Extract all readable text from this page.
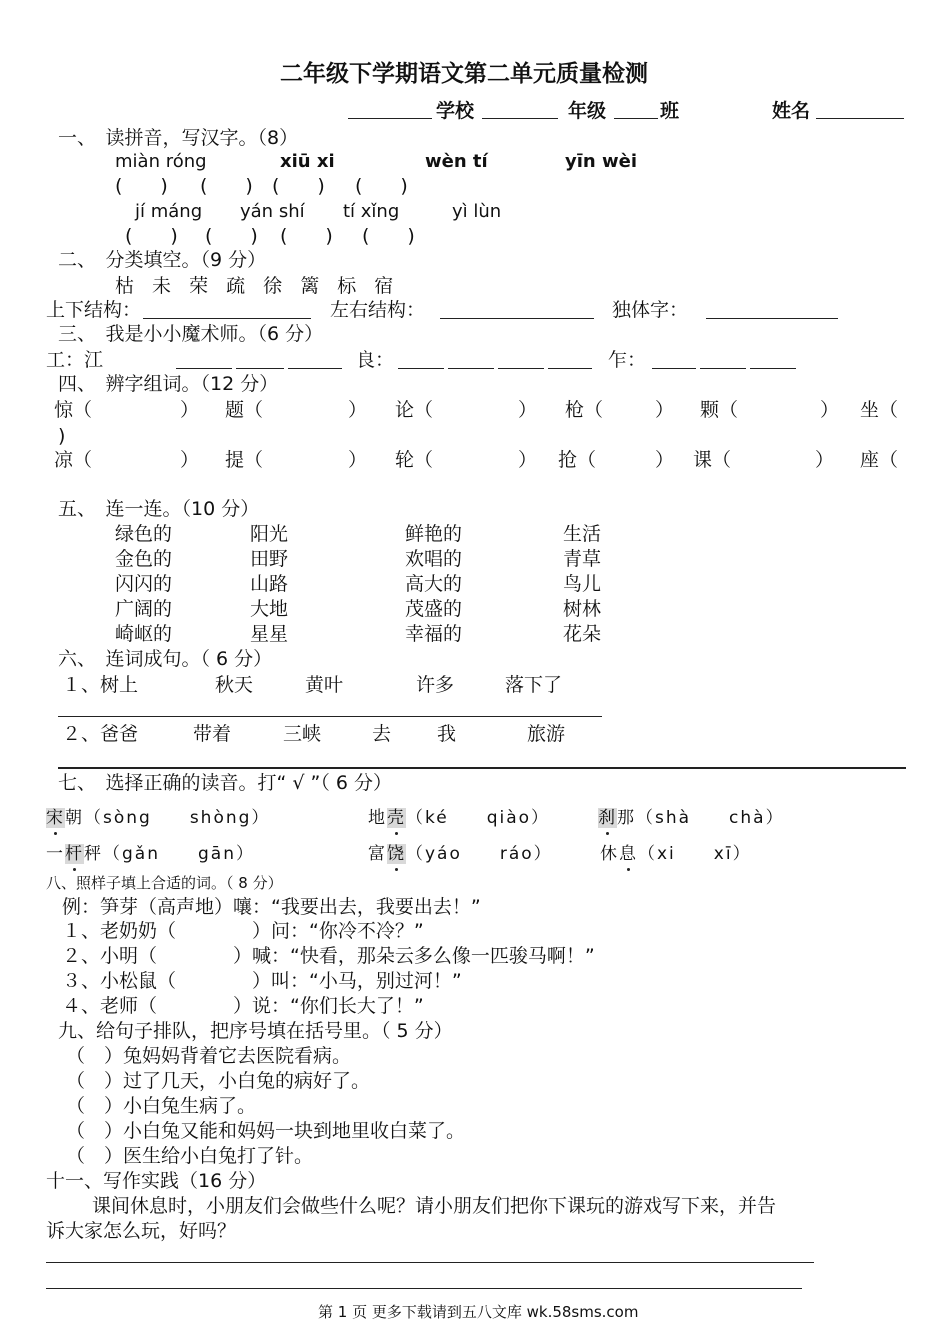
二年级下学期语文第二单元质量检测
学校	年级	班	姓名
一、　读拼音，写汉字。（8）
miàn róng	xiū xi	wèn tí	yīn wèi
(　　) (　　) (　　) (　　)
jí máng yán shí tí xǐng	yì lùn
(　　) (　　) (　　) (　　)
二、　分类填空。（9 分）
枯 未 荣 疏 徐 篱 标 宿
上下结构：	左右结构：	独体字：
三、　我是小小魔术师。（6 分）
工：江	良：	乍：
四、　辨字组词。（12 分）
惊（	） 题（	） 论（	） 枪（	） 颗（	） 坐（
)
凉（	） 提（	） 轮（	） 抢（	） 课（	） 座（
五、　连一连。（10 分）
绿色的	阳光	鲜艳的	生活
金色的	田野	欢唱的	青草
闪闪的	山路	高大的	鸟儿
广阔的	大地	茂盛的	树林
崎岖的	星星	幸福的	花朵
六、　连词成句。（ 6 分）
１、树上	秋天	黄叶	许多	落下了
２、爸爸	带着	三峡	去 我	旅游
七、　选择正确的读音。打“ √ ”（ 6 分）
宋朝（sòng　　shòng）	地壳（ké　　qiào）	刹那（shà　　chà）
一杆秤（gǎn　　gān）	富饶（yáo　　ráo）	休息（xi　　xī）
八、照样子填上合适的词。（ 8 分）
例：笋芽（高声地）嚷：“我要出去，我要出去！”
１、老奶奶（　　　　）问：“你冷不冷？”
２、小明（　　　　）喊：“快看，那朵云多么像一匹骏马啊！”
３、小松鼠（　　　　）叫：“小马，别过河！”
４、老师（　　　　）说：“你们长大了！”
九、给句子排队，把序号填在括号里。（ 5 分）
（　）兔妈妈背着它去医院看病。
（　）过了几天，小白兔的病好了。
（　）小白兔生病了。
（　）小白兔又能和妈妈一块到地里收白菜了。
（　）医生给小白兔打了针。
十一、写作实践（16 分）
课间休息时，小朋友们会做些什么呢？请小朋友们把你下课玩的游戏写下来，并告
诉大家怎么玩，好吗？
第 1 页 更多下载请到五八文库 wk.58sms.com
